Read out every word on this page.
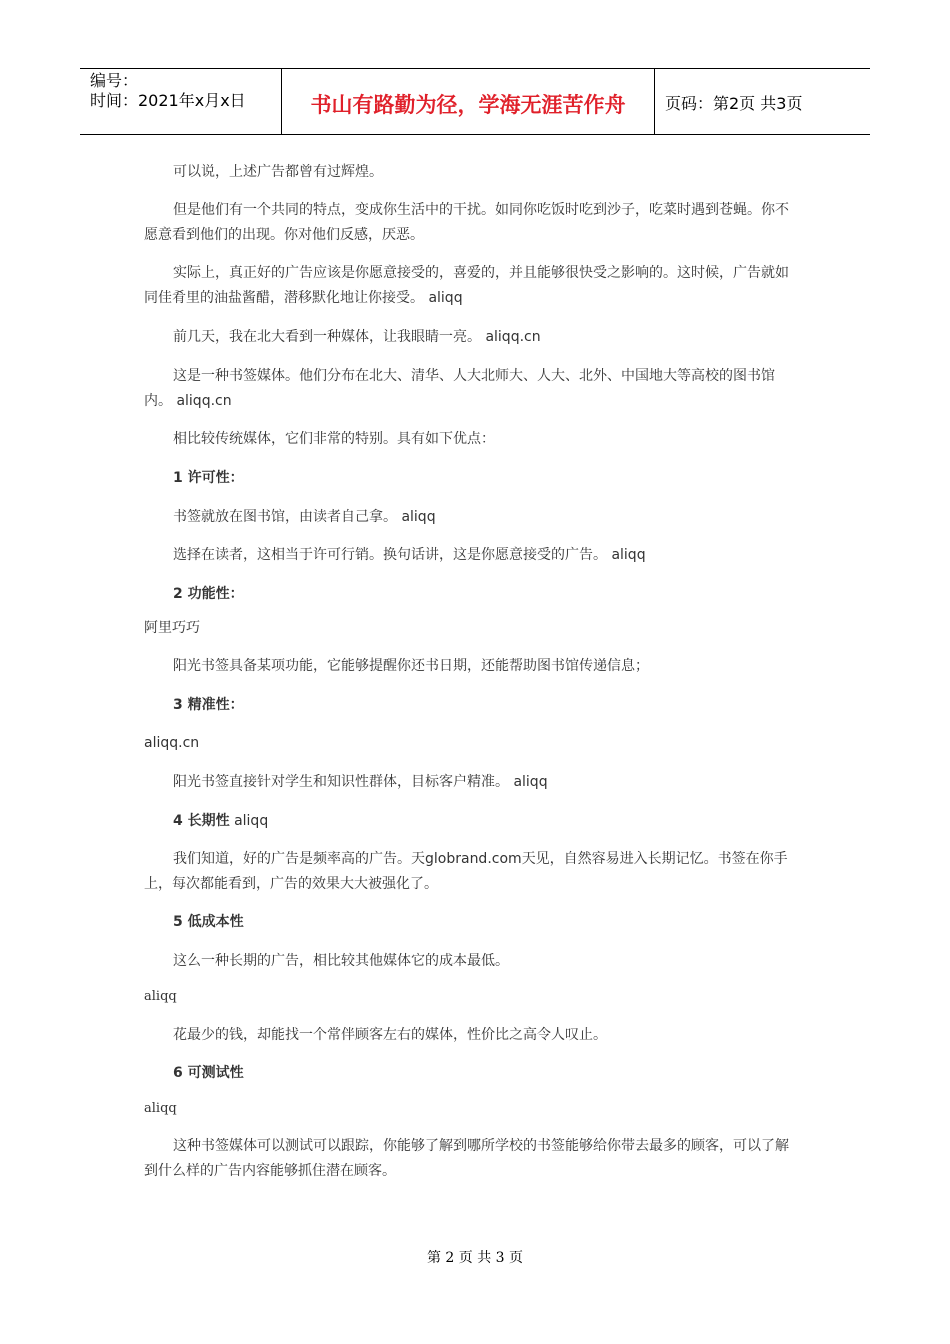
编号：
时间：2021年x月x日	书山有路勤为径，学海无涯苦作舟	页码：第2页 共3页

可以说，上述广告都曾有过辉煌。

但是他们有一个共同的特点，变成你生活中的干扰。如同你吃饭时吃到沙子，吃菜时遇到苍蝇。你不愿意看到他们的出现。你对他们反感，厌恶。

实际上，真正好的广告应该是你愿意接受的，喜爱的，并且能够很快受之影响的。这时候，广告就如同佳肴里的油盐酱醋，潜移默化地让你接受。 aliqq

前几天，我在北大看到一种媒体，让我眼睛一亮。 aliqq.cn

这是一种书签媒体。他们分布在北大、清华、人大北师大、人大、北外、中国地大等高校的图书馆内。 aliqq.cn

相比较传统媒体，它们非常的特别。具有如下优点：

1 许可性：

书签就放在图书馆，由读者自己拿。 aliqq

选择在读者，这相当于许可行销。换句话讲，这是你愿意接受的广告。 aliqq

2 功能性：

阿里巧巧

阳光书签具备某项功能，它能够提醒你还书日期，还能帮助图书馆传递信息；

3 精准性：

aliqq.cn

阳光书签直接针对学生和知识性群体，目标客户精准。 aliqq

4 长期性 aliqq

我们知道，好的广告是频率高的广告。天globrand.com天见，自然容易进入长期记忆。书签在你手上，每次都能看到，广告的效果大大被强化了。

5 低成本性

这么一种长期的广告，相比较其他媒体它的成本最低。

aliqq

花最少的钱，却能找一个常伴顾客左右的媒体，性价比之高令人叹止。

6 可测试性

aliqq

这种书签媒体可以测试可以跟踪，你能够了解到哪所学校的书签能够给你带去最多的顾客，可以了解到什么样的广告内容能够抓住潜在顾客。

第 2 页 共 3 页
